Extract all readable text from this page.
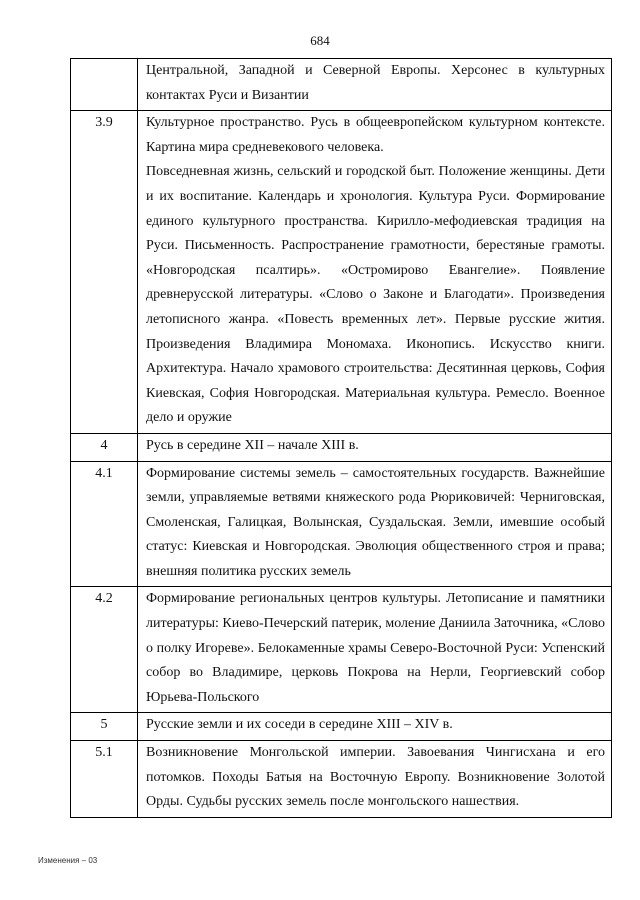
684

	Центральной, Западной и Северной Европы. Херсонес в культурных контактах Руси и Византии

3.9	Культурное пространство. Русь в общеевропейском культурном контексте. Картина мира средневекового человека.

Повседневная жизнь, сельский и городской быт. Положение женщины. Дети и их воспитание. Календарь и хронология. Культура Руси. Формирование единого культурного пространства. Кирилло-мефодиевская традиция на Руси. Письменность. Распространение грамотности, берестяные грамоты. «Новгородская псалтирь». «Остромирово Евангелие». Появление древнерусской литературы. «Слово о Законе и Благодати». Произведения летописного жанра. «Повесть временных лет». Первые русские жития. Произведения Владимира Мономаха. Иконопись. Искусство книги. Архитектура. Начало храмового строительства: Десятинная церковь, София Киевская, София Новгородская. Материальная культура. Ремесло. Военное дело и оружие

4	Русь в середине XII – начале XIII в.

4.1	Формирование системы земель – самостоятельных государств. Важнейшие земли, управляемые ветвями княжеского рода Рюриковичей: Черниговская, Смоленская, Галицкая, Волынская, Суздальская. Земли, имевшие особый статус: Киевская и Новгородская. Эволюция общественного строя и права; внешняя политика русских земель

4.2	Формирование региональных центров культуры. Летописание и памятники литературы: Киево-Печерский патерик, моление Даниила Заточника, «Слово о полку Игореве». Белокаменные храмы Северо-Восточной Руси: Успенский собор во Владимире, церковь Покрова на Нерли, Георгиевский собор Юрьева-Польского

5	Русские земли и их соседи в середине XIII – XIV в.

5.1	Возникновение Монгольской империи. Завоевания Чингисхана и его потомков. Походы Батыя на Восточную Европу. Возникновение Золотой Орды. Судьбы русских земель после монгольского нашествия.

Изменения – 03
